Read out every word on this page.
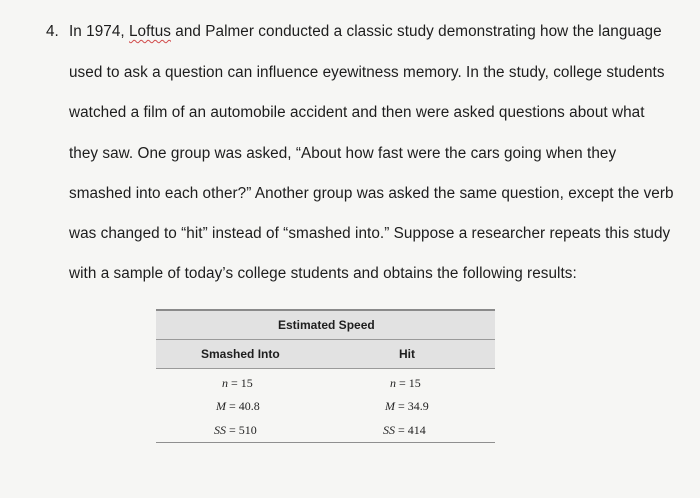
4. In 1974, Loftus and Palmer conducted a classic study demonstrating how the language
used to ask a question can influence eyewitness memory. In the study, college students
watched a film of an automobile accident and then were asked questions about what
they saw. One group was asked, “About how fast were the cars going when they
smashed into each other?” Another group was asked the same question, except the verb
was changed to “hit” instead of “smashed into.” Suppose a researcher repeats this study
with a sample of today’s college students and obtains the following results:
Estimated Speed
Smashed Into	Hit
n = 15
M = 40.8
SS = 510
n = 15
M = 34.9
SS = 414
